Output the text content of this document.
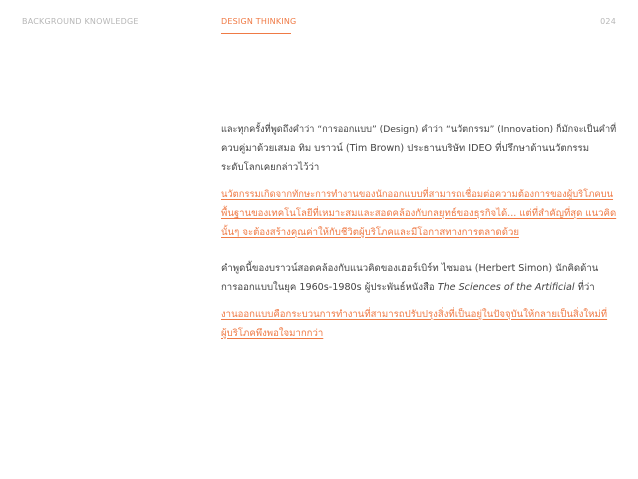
BACKGROUND KNOWLEDGE	DESIGN THINKING	024

และทุกครั้งที่พูดถึงคำว่า “การออกแบบ” (Design) คำว่า “นวัตกรรม” (Innovation) ก็มักจะเป็นคำที่
ควบคู่มาด้วยเสมอ ทิม บราวน์ (Tim Brown) ประธานบริษัท IDEO ที่ปรึกษาด้านนวัตกรรม
ระดับโลกเคยกล่าวไว้ว่า

นวัตกรรมเกิดจากทักษะการทำงานของนักออกแบบที่สามารถเชื่อมต่อความต้องการของผู้บริโภคบน
พื้นฐานของเทคโนโลยีที่เหมาะสมและสอดคล้องกับกลยุทธ์ของธุรกิจได้... แต่ที่สำคัญที่สุด แนวคิด
นั้นๆ จะต้องสร้างคุณค่าให้กับชีวิตผู้บริโภคและมีโอกาสทางการตลาดด้วย

คำพูดนี้ของบราวน์สอดคล้องกับแนวคิดของเฮอร์เบิร์ท ไซมอน (Herbert Simon) นักคิดด้าน
การออกแบบในยุค 1960s-1980s ผู้ประพันธ์หนังสือ The Sciences of the Artificial ที่ว่า

งานออกแบบคือกระบวนการทำงานที่สามารถปรับปรุงสิ่งที่เป็นอยู่ในปัจจุบันให้กลายเป็นสิ่งใหม่ที่
ผู้บริโภคพึงพอใจมากกว่า
